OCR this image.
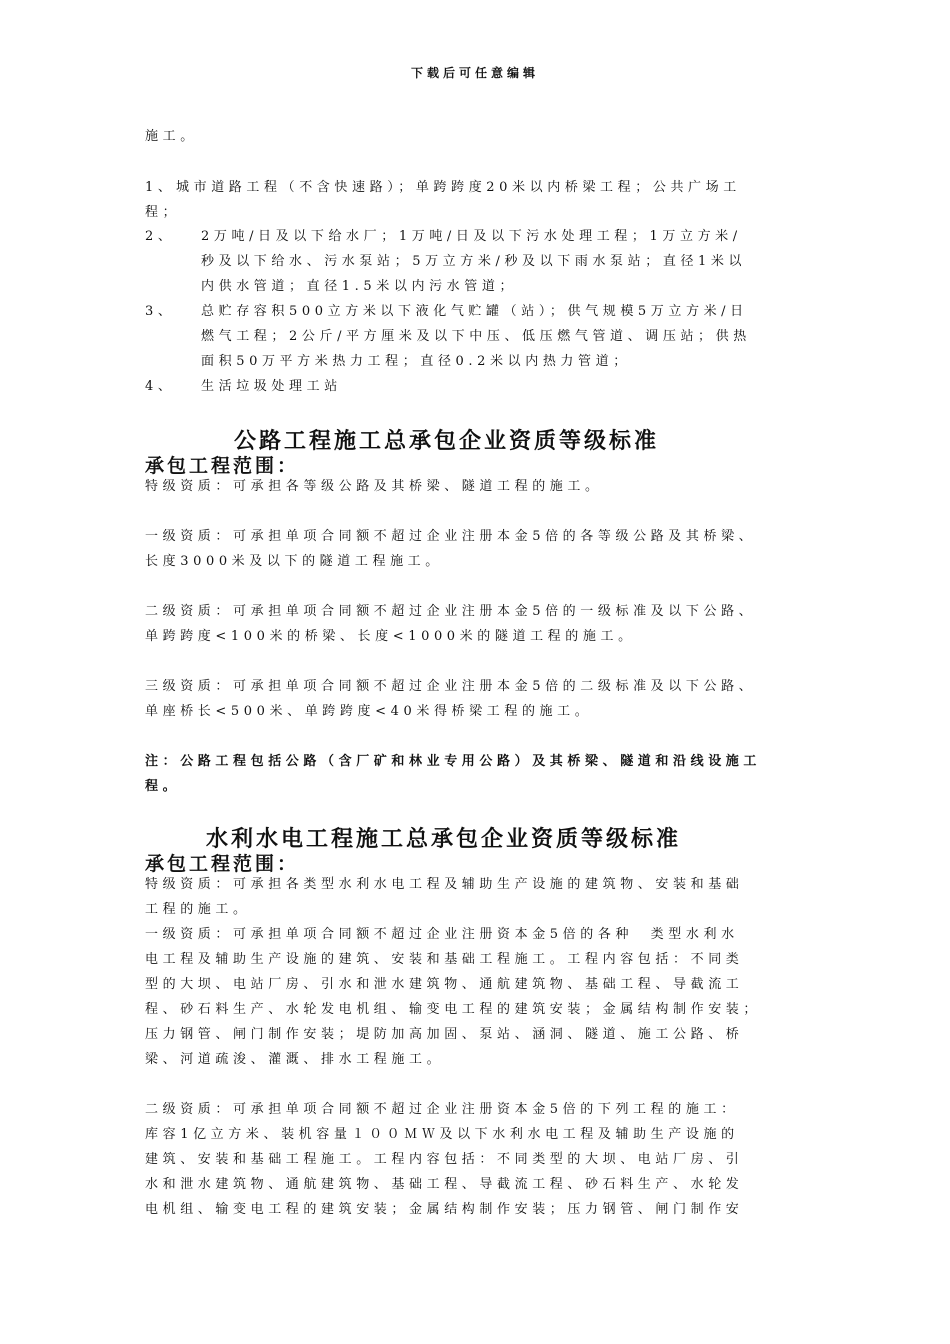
下载后可任意编辑
施工。
1、 城市道路工程（不含快速路）；单跨跨度20米以内桥梁工程；公共广场工
程；
2、 2万吨/日及以下给水厂；1万吨/日及以下污水处理工程；1万立方米/
秒及以下给水、污水泵站；5万立方米/秒及以下雨水泵站；直径1米以
内供水管道；直径1.5米以内污水管道；
3、 总贮存容积500立方米以下液化气贮罐（站）；供气规模5万立方米/日
燃气工程；2公斤/平方厘米及以下中压、低压燃气管道、调压站；供热
面积50万平方米热力工程；直径0.2米以内热力管道；
4、 生活垃圾处理工站
公路工程施工总承包企业资质等级标准
承包工程范围：
特级资质：可承担各等级公路及其桥梁、隧道工程的施工。
一级资质：可承担单项合同额不超过企业注册本金5倍的各等级公路及其桥梁、
长度3000米及以下的隧道工程施工。
二级资质：可承担单项合同额不超过企业注册本金5倍的一级标准及以下公路、
单跨跨度<100米的桥梁、长度<1000米的隧道工程的施工。
三级资质：可承担单项合同额不超过企业注册本金5倍的二级标准及以下公路、
单座桥长<500米、单跨跨度<40米得桥梁工程的施工。
注：公路工程包括公路（含厂矿和林业专用公路）及其桥梁、隧道和沿线设施工
程。
水利水电工程施工总承包企业资质等级标准
承包工程范围：
特级资质：可承担各类型水利水电工程及辅助生产设施的建筑物、安装和基础
工程的施工。
一级资质：可承担单项合同额不超过企业注册资本金5倍的各种　类型水利水
电工程及辅助生产设施的建筑、安装和基础工程施工。工程内容包括：不同类
型的大坝、电站厂房、引水和泄水建筑物、通航建筑物、基础工程、导截流工
程、砂石料生产、水轮发电机组、输变电工程的建筑安装；金属结构制作安装；
压力钢管、闸门制作安装；堤防加高加固、泵站、涵洞、隧道、施工公路、桥
梁、河道疏浚、灌溉、排水工程施工。
二级资质：可承担单项合同额不超过企业注册资本金5倍的下列工程的施工：
库容1亿立方米、装机容量１００ＭＷ及以下水利水电工程及辅助生产设施的
建筑、安装和基础工程施工。工程内容包括：不同类型的大坝、电站厂房、引
水和泄水建筑物、通航建筑物、基础工程、导截流工程、砂石料生产、水轮发
电机组、输变电工程的建筑安装；金属结构制作安装；压力钢管、闸门制作安
